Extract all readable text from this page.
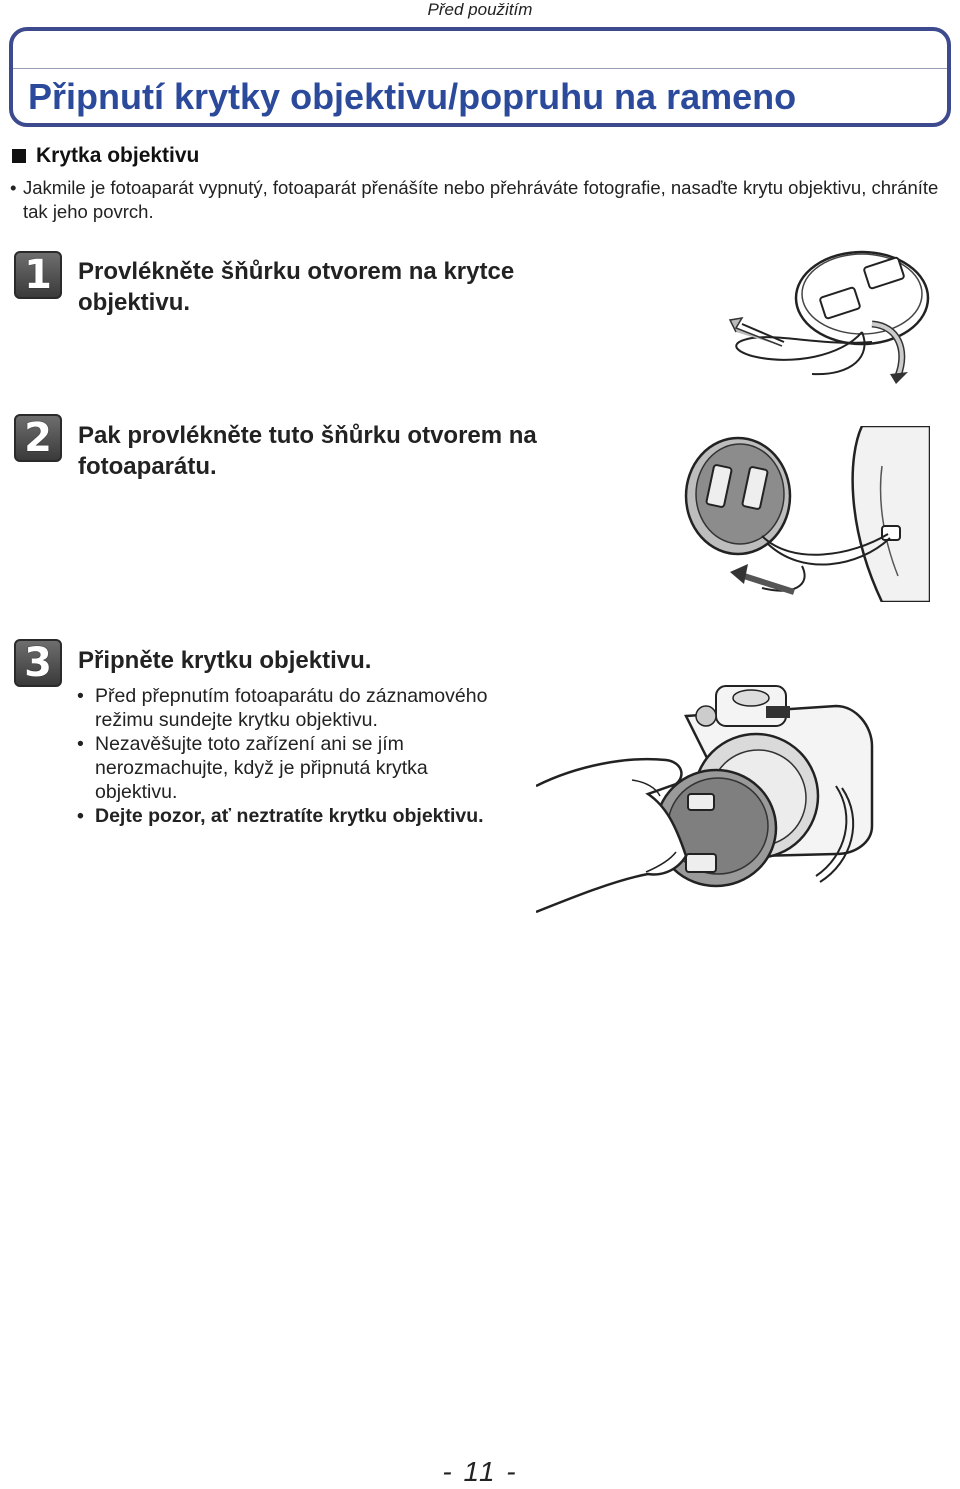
Před použitím
Připnutí krytky objektivu/popruhu na rameno
Krytka objektivu
• Jakmile je fotoaparát vypnutý, fotoaparát přenášíte nebo přehráváte fotografie, nasaďte krytu objektivu, chráníte tak jeho povrch.
1	Provlékněte šňůrku otvorem na krytce objektivu.
2	Pak provlékněte tuto šňůrku otvorem na fotoaparátu.
3	Připněte krytku objektivu.
• Před přepnutím fotoaparátu do záznamového režimu sundejte krytku objektivu.
• Nezavěšujte toto zařízení ani se jím nerozmachujte, když je připnutá krytka objektivu.
• Dejte pozor, ať neztratíte krytku objektivu.
- 11 -
